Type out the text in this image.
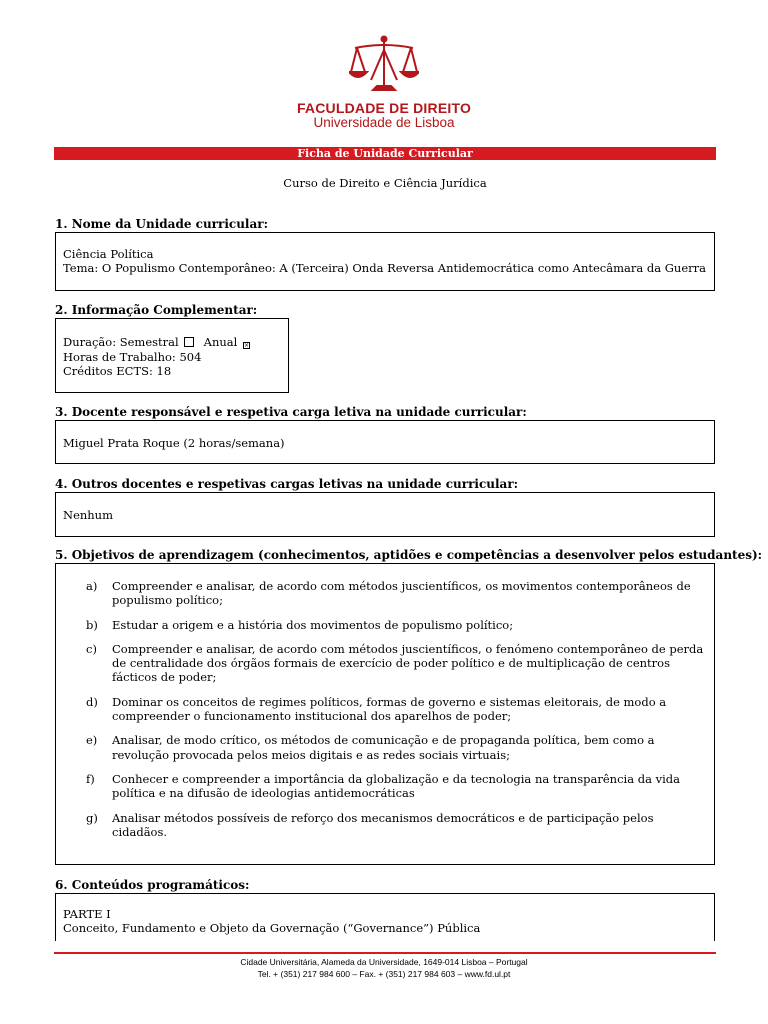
FACULDADE DE DIREITO
Universidade de Lisboa
Ficha de Unidade Curricular
Curso de Direito e Ciência Jurídica
1. Nome da Unidade curricular:
Ciência Política
Tema: O Populismo Contemporâneo: A (Terceira) Onda Reversa Antidemocrática como Antecâmara da Guerra
2. Informação Complementar:
Duração: Semestral Anual ×
Horas de Trabalho: 504
Créditos ECTS: 18
3. Docente responsável e respetiva carga letiva na unidade curricular:
Miguel Prata Roque (2 horas/semana)
4. Outros docentes e respetivas cargas letivas na unidade curricular:
Nenhum
5. Objetivos de aprendizagem (conhecimentos, aptidões e competências a desenvolver pelos estudantes):
a) Compreender e analisar, de acordo com métodos juscientíficos, os movimentos contemporâneos de populismo político;
b) Estudar a origem e a história dos movimentos de populismo político;
c) Compreender e analisar, de acordo com métodos juscientíficos, o fenómeno contemporâneo de perda de centralidade dos órgãos formais de exercício de poder político e de multiplicação de centros fácticos de poder;
d) Dominar os conceitos de regimes políticos, formas de governo e sistemas eleitorais, de modo a compreender o funcionamento institucional dos aparelhos de poder;
e) Analisar, de modo crítico, os métodos de comunicação e de propaganda política, bem como a revolução provocada pelos meios digitais e as redes sociais virtuais;
f) Conhecer e compreender a importância da globalização e da tecnologia na transparência da vida política e na difusão de ideologias antidemocráticas
g) Analisar métodos possíveis de reforço dos mecanismos democráticos e de participação pelos cidadãos.
6. Conteúdos programáticos:
PARTE I
Conceito, Fundamento e Objeto da Governação (“Governance”) Pública
Cidade Universitária, Alameda da Universidade, 1649-014 Lisboa – Portugal
Tel. + (351) 217 984 600 – Fax. + (351) 217 984 603 – www.fd.ul.pt
